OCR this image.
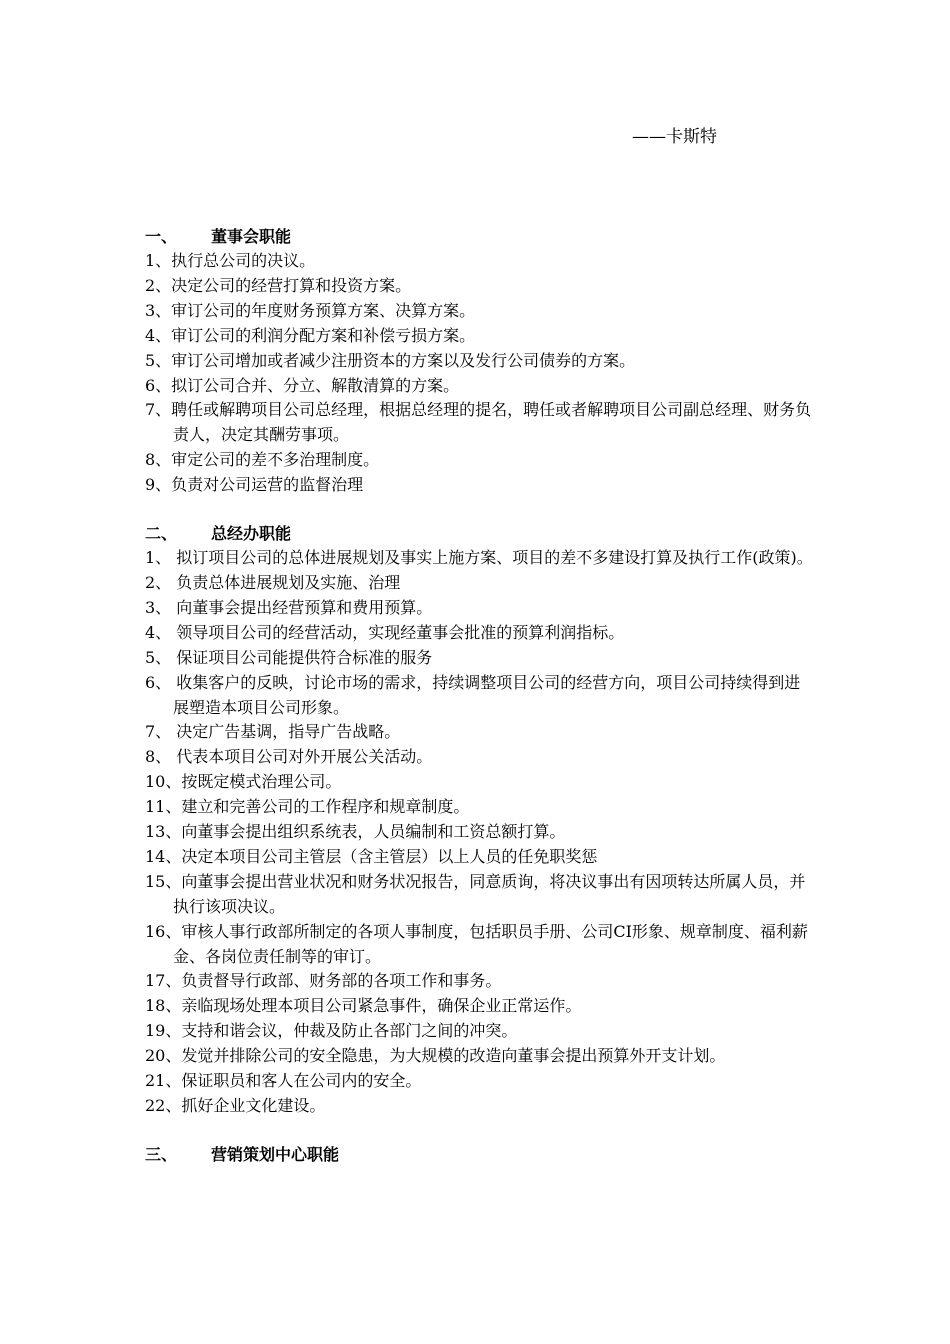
——卡斯特
一、 董事会职能
1、执行总公司的决议。
2、决定公司的经营打算和投资方案。
3、审订公司的年度财务预算方案、决算方案。
4、审订公司的利润分配方案和补偿亏损方案。
5、审订公司增加或者减少注册资本的方案以及发行公司债券的方案。
6、拟订公司合并、分立、解散清算的方案。
7、聘任或解聘项目公司总经理，根据总经理的提名，聘任或者解聘项目公司副总经理、财务负责人，决定其酬劳事项。
8、审定公司的差不多治理制度。
9、负责对公司运营的监督治理
二、 总经办职能
1、 拟订项目公司的总体进展规划及事实上施方案、项目的差不多建设打算及执行工作(政策)。
2、 负责总体进展规划及实施、治理
3、 向董事会提出经营预算和费用预算。
4、 领导项目公司的经营活动，实现经董事会批准的预算利润指标。
5、 保证项目公司能提供符合标准的服务
6、 收集客户的反映，讨论市场的需求，持续调整项目公司的经营方向，项目公司持续得到进展塑造本项目公司形象。
7、 决定广告基调，指导广告战略。
8、 代表本项目公司对外开展公关活动。
10、按既定模式治理公司。
11、建立和完善公司的工作程序和规章制度。
13、向董事会提出组织系统表，人员编制和工资总额打算。
14、决定本项目公司主管层（含主管层）以上人员的任免职奖惩
15、向董事会提出营业状况和财务状况报告，同意质询，将决议事出有因项转达所属人员，并执行该项决议。
16、审核人事行政部所制定的各项人事制度，包括职员手册、公司CI形象、规章制度、福利薪金、各岗位责任制等的审订。
17、负责督导行政部、财务部的各项工作和事务。
18、亲临现场处理本项目公司紧急事件，确保企业正常运作。
19、支持和谐会议，仲裁及防止各部门之间的冲突。
20、发觉并排除公司的安全隐患，为大规模的改造向董事会提出预算外开支计划。
21、保证职员和客人在公司内的安全。
22、抓好企业文化建设。
三、 营销策划中心职能
